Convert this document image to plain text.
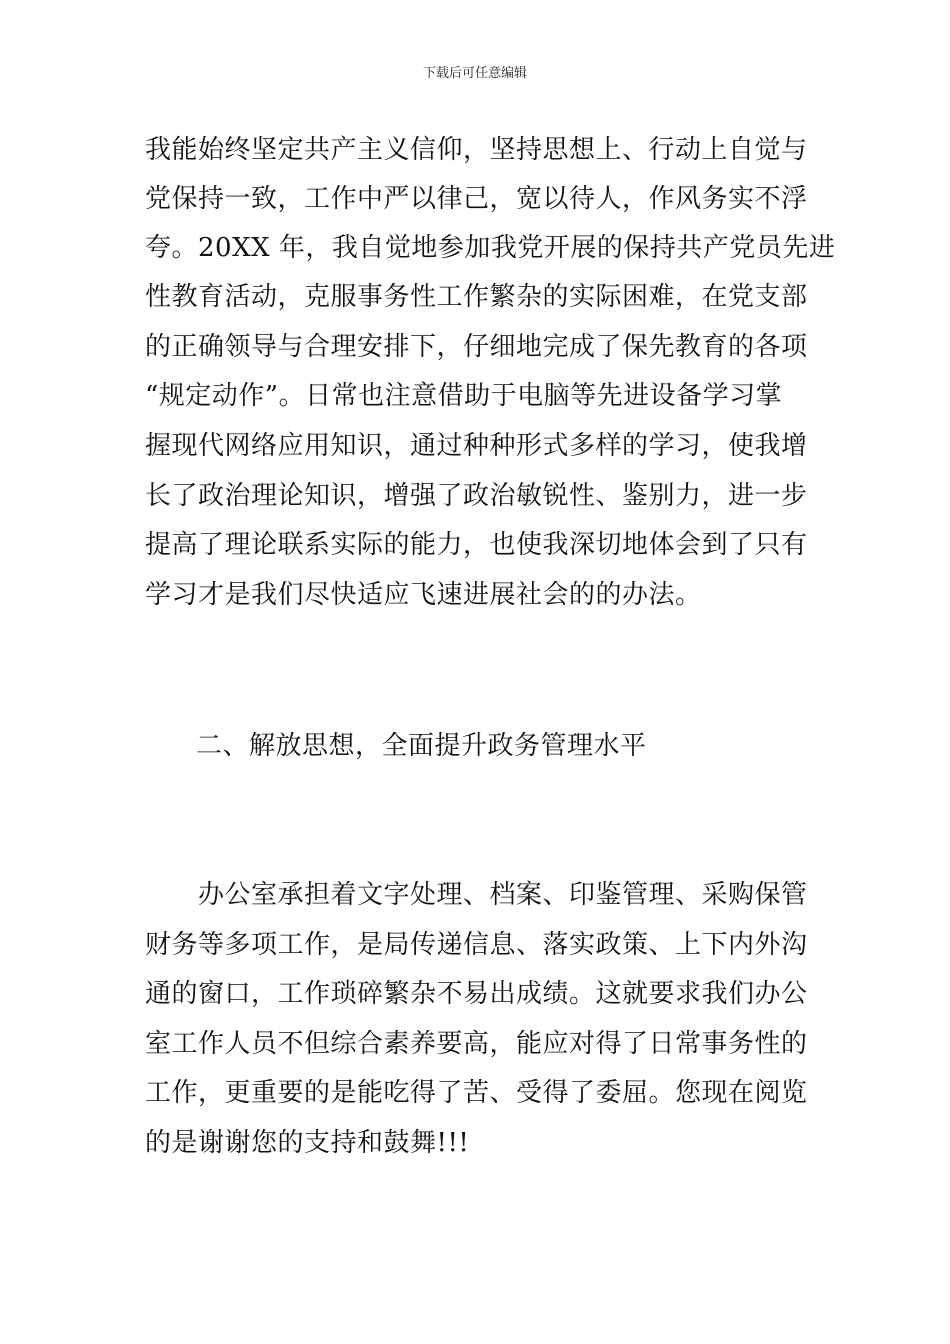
下载后可任意编辑
我能始终坚定共产主义信仰，坚持思想上、行动上自觉与
党保持一致，工作中严以律己，宽以待人，作风务实不浮
夸。20XX 年，我自觉地参加我党开展的保持共产党员先进
性教育活动，克服事务性工作繁杂的实际困难，在党支部
的正确领导与合理安排下，仔细地完成了保先教育的各项
“规定动作”。日常也注意借助于电脑等先进设备学习掌
握现代网络应用知识，通过种种形式多样的学习，使我增
长了政治理论知识，增强了政治敏锐性、鉴别力，进一步
提高了理论联系实际的能力，也使我深切地体会到了只有
学习才是我们尽快适应飞速进展社会的的办法。
二、解放思想，全面提升政务管理水平
　　办公室承担着文字处理、档案、印鉴管理、采购保管
财务等多项工作，是局传递信息、落实政策、上下内外沟
通的窗口，工作琐碎繁杂不易出成绩。这就要求我们办公
室工作人员不但综合素养要高，能应对得了日常事务性的
工作，更重要的是能吃得了苦、受得了委屈。您现在阅览
的是谢谢您的支持和鼓舞!!!
